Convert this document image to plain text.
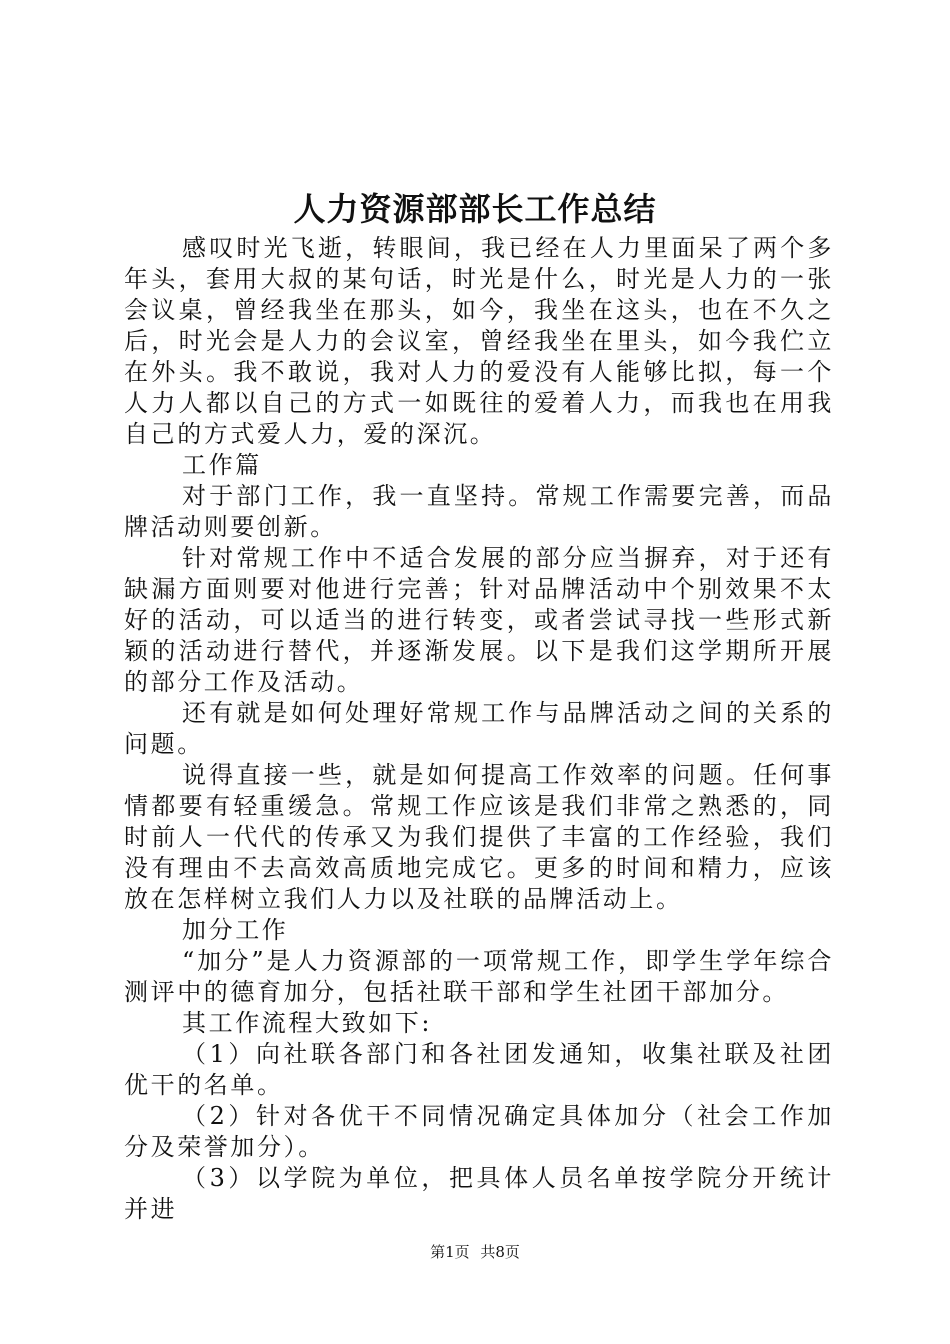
人力资源部部长工作总结

感叹时光飞逝，转眼间，我已经在人力里面呆了两个多年头，套用大叔的某句话，时光是什么，时光是人力的一张会议桌，曾经我坐在那头，如今，我坐在这头，也在不久之后，时光会是人力的会议室，曾经我坐在里头，如今我伫立在外头。我不敢说，我对人力的爱没有人能够比拟，每一个人力人都以自己的方式一如既往的爱着人力，而我也在用我自己的方式爱人力，爱的深沉。

工作篇

对于部门工作，我一直坚持。常规工作需要完善，而品牌活动则要创新。

针对常规工作中不适合发展的部分应当摒弃，对于还有缺漏方面则要对他进行完善；针对品牌活动中个别效果不太好的活动，可以适当的进行转变，或者尝试寻找一些形式新颖的活动进行替代，并逐渐发展。以下是我们这学期所开展的部分工作及活动。

还有就是如何处理好常规工作与品牌活动之间的关系的问题。

说得直接一些，就是如何提高工作效率的问题。任何事情都要有轻重缓急。常规工作应该是我们非常之熟悉的，同时前人一代代的传承又为我们提供了丰富的工作经验，我们没有理由不去高效高质地完成它。更多的时间和精力，应该放在怎样树立我们人力以及社联的品牌活动上。

加分工作

“加分”是人力资源部的一项常规工作，即学生学年综合测评中的德育加分，包括社联干部和学生社团干部加分。

其工作流程大致如下:

（1）向社联各部门和各社团发通知，收集社联及社团优干的名单。

（2）针对各优干不同情况确定具体加分（社会工作加分及荣誉加分）。

（3）以学院为单位，把具体人员名单按学院分开统计并进

第1页 共8页
